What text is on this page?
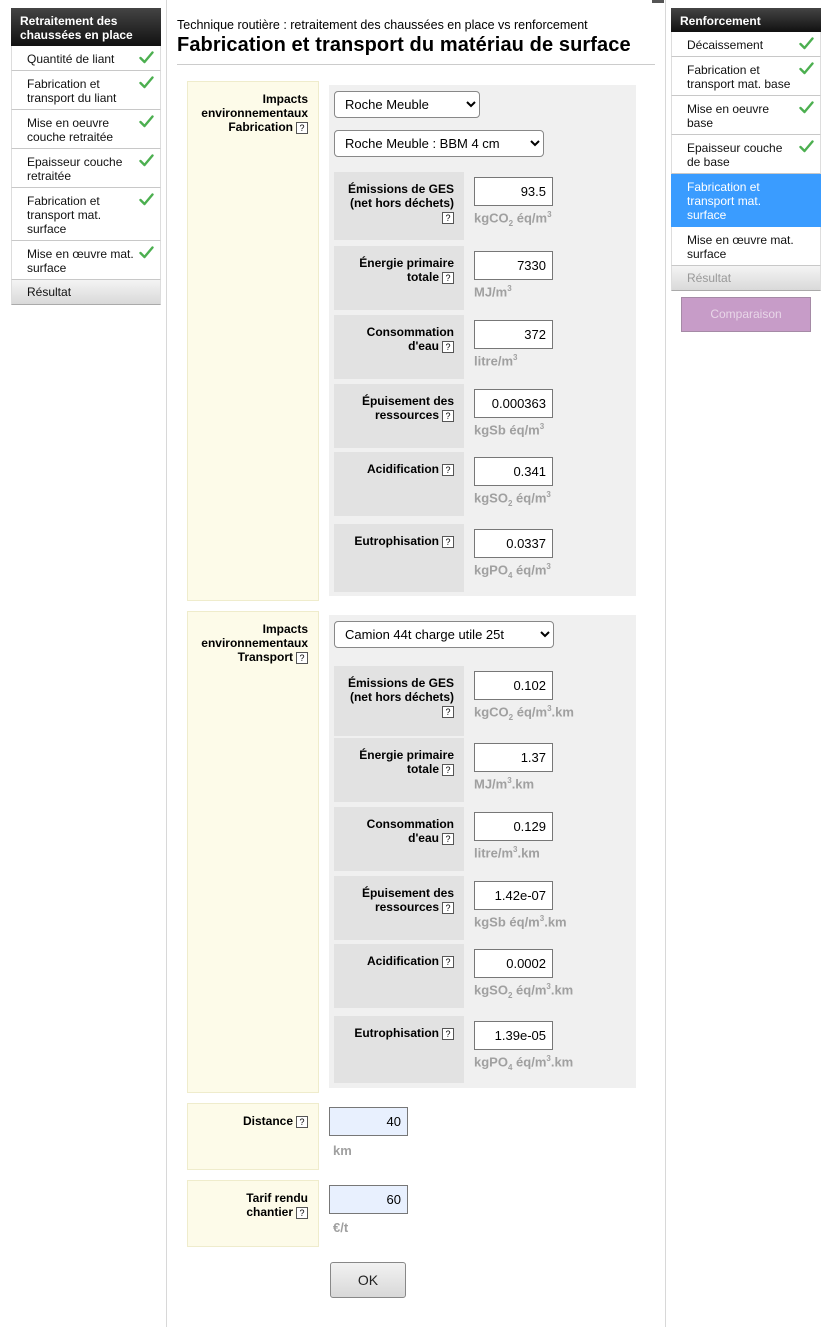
Retraitement des chaussées en place
Quantité de liant
Fabrication et transport du liant
Mise en oeuvre couche retraitée
Epaisseur couche retraitée
Fabrication et transport mat. surface
Mise en œuvre mat. surface
Résultat
Renforcement
Décaissement
Fabrication et transport mat. base
Mise en oeuvre base
Epaisseur couche de base
Fabrication et transport mat. surface
Mise en œuvre mat. surface
Résultat
Comparaison
Technique routière : retraitement des chaussées en place vs renforcement
Fabrication et transport du matériau de surface
Impacts
environnementaux
Fabrication ?
Roche Meuble
Roche Meuble : BBM 4 cm
Émissions de GES (net hors déchets)?
93.5	kgCO$_2$ $éq/m^3$
Énergie primaire totale ?
7330
$MJ/m^3$
Consommation d'eau ?
372
litre/$m^3$
Épuisement des ressources ?
0.000363
kgSb $éq/m^3$
Acidification ?
0.341
kgSO$_2$ $éq/m^3$
Eutrophisation ?
0.0337
kgPO$_4$ $éq/m^3$
Impacts
environnementaux
Transport ?
Camion 44t charge utile 25t
Émissions de GES (net hors déchets)?
0.102	kgCO$_2$ $éq/m^3.km$
Énergie primaire totale ?
1.37
$MJ/m^3.km$
Consommation d'eau ?
0.129
litre/$m^3.km$
Épuisement des ressources ?
1.42e-07
kgSb $éq/m^3.km$
Acidification ?
0.0002
kgSO$_2$ $éq/m^3.km$
Eutrophisation ?
1.39e-05
kgPO$_4$ $éq/m^3.km$
Distance ?
40
km
Tarif rendu
chantier ?
60
€/t
OK
